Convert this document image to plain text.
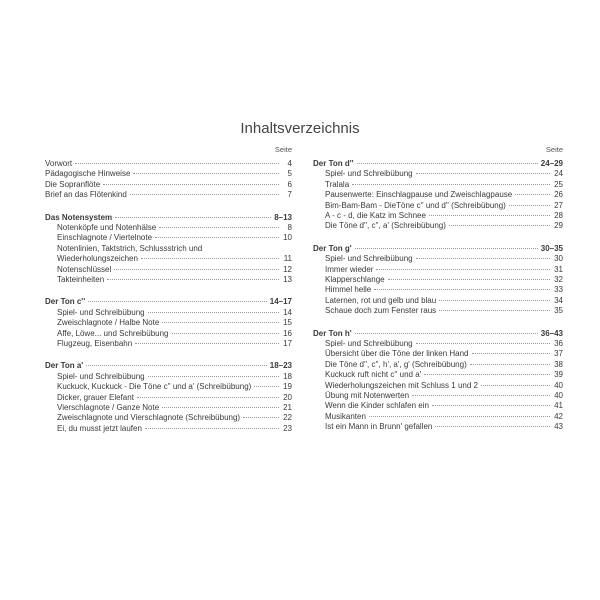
Inhaltsverzeichnis
Seite
Vorwort	4
Pädagogische Hinweise	5
Die Sopranflöte	6
Brief an das Flötenkind	7
Das Notensystem	8–13
Notenköpfe und Notenhälse	8
Einschlagnote / Viertelnote	10
Notenlinien, Taktstrich, Schlussstrich und
Wiederholungszeichen	11
Notenschlüssel	12
Takteinheiten	13
Der Ton c''	14–17
Spiel- und Schreibübung	14
Zweischlagnote / Halbe Note	15
Affe, Löwe... und Schreibübung	16
Flugzeug, Eisenbahn	17
Der Ton a'	18–23
Spiel- und Schreibübung	18
Kuckuck, Kuckuck - Die Töne c'' und a' (Schreibübung)	19
Dicker, grauer Elefant	20
Vierschlagnote / Ganze Note	21
Zweischlagnote und Vierschlagnote (Schreibübung)	22
Ei, du musst jetzt laufen	23
Seite
Der Ton d''	24–29
Spiel- und Schreibübung	24
Tralala	25
Pausenwerte: Einschlagpause und Zweischlagpause	26
Bim-Bam-Bam - DieTöne c'' und d'' (Schreibübung)	27
A - c - d, die Katz im Schnee	28
Die Töne d'', c'', a' (Schreibübung)	29
Der Ton g'	30–35
Spiel- und Schreibübung	30
Immer wieder	31
Klapperschlange	32
Himmel helle	33
Laternen, rot und gelb und blau	34
Schaue doch zum Fenster raus	35
Der Ton h'	36–43
Spiel- und Schreibübung	36
Übersicht über die Töne der linken Hand	37
Die Töne d'', c'', h', a', g' (Schreibübung)	38
Kuckuck ruft nicht c'' und a'	39
Wiederholungszeichen mit Schluss 1 und 2	40
Übung mit Notenwerten	40
Wenn die Kinder schlafen ein	41
Musikanten	42
Ist ein Mann in Brunn' gefallen	43
